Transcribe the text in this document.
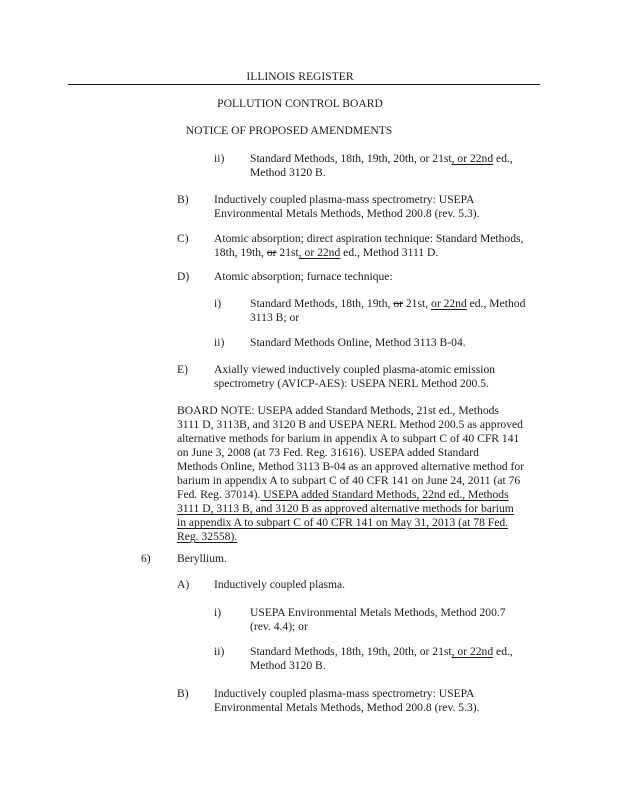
ILLINOIS REGISTER
POLLUTION CONTROL BOARD
NOTICE OF PROPOSED AMENDMENTS
ii) Standard Methods, 18th, 19th, 20th, or 21st, or 22nd ed.,
Method 3120 B.
B) Inductively coupled plasma-mass spectrometry: USEPA
Environmental Metals Methods, Method 200.8 (rev. 5.3).
C) Atomic absorption; direct aspiration technique: Standard Methods,
18th, 19th, or 21st, or 22nd ed., Method 3111 D.
D) Atomic absorption; furnace technique:
i) Standard Methods, 18th, 19th, or 21st, or 22nd ed., Method
3113 B; or
ii) Standard Methods Online, Method 3113 B-04.
E) Axially viewed inductively coupled plasma-atomic emission
spectrometry (AVICP-AES): USEPA NERL Method 200.5.
BOARD NOTE: USEPA added Standard Methods, 21st ed., Methods
3111 D, 3113B, and 3120 B and USEPA NERL Method 200.5 as approved
alternative methods for barium in appendix A to subpart C of 40 CFR 141
on June 3, 2008 (at 73 Fed. Reg. 31616). USEPA added Standard
Methods Online, Method 3113 B-04 as an approved alternative method for
barium in appendix A to subpart C of 40 CFR 141 on June 24, 2011 (at 76
Fed. Reg. 37014). USEPA added Standard Methods, 22nd ed., Methods
3111 D, 3113 B, and 3120 B as approved alternative methods for barium
in appendix A to subpart C of 40 CFR 141 on May 31, 2013 (at 78 Fed.
Reg. 32558).
6) Beryllium.
A) Inductively coupled plasma.
i) USEPA Environmental Metals Methods, Method 200.7
(rev. 4.4); or
ii) Standard Methods, 18th, 19th, 20th, or 21st, or 22nd ed.,
Method 3120 B.
B) Inductively coupled plasma-mass spectrometry: USEPA
Environmental Metals Methods, Method 200.8 (rev. 5.3).
